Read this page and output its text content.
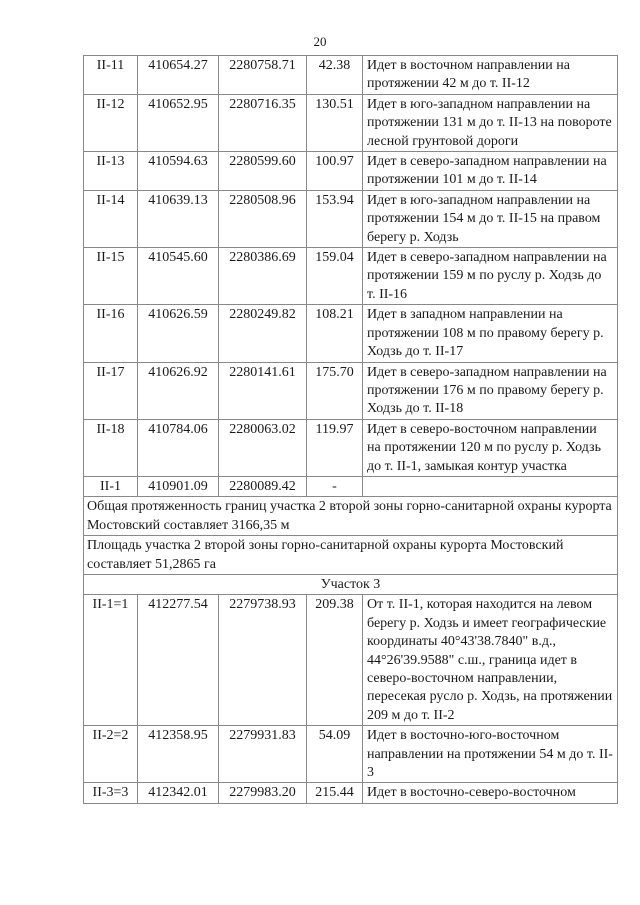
20
II-11	410654.27	2280758.71	42.38	Идет в восточном направлении на протяжении 42 м до т. II-12
II-12	410652.95	2280716.35	130.51	Идет в юго-западном направлении на протяжении 131 м до т. II-13 на повороте лесной грунтовой дороги
II-13	410594.63	2280599.60	100.97	Идет в северо-западном направлении на протяжении 101 м до т. II-14
II-14	410639.13	2280508.96	153.94	Идет в юго-западном направлении на протяжении 154 м до т. II-15 на правом берегу р. Ходзь
II-15	410545.60	2280386.69	159.04	Идет в северо-западном направлении на протяжении 159 м по руслу р. Ходзь до т. II-16
II-16	410626.59	2280249.82	108.21	Идет в западном направлении на протяжении 108 м по правому берегу р. Ходзь до т. II-17
II-17	410626.92	2280141.61	175.70	Идет в северо-западном направлении на протяжении 176 м по правому берегу р. Ходзь до т. II-18
II-18	410784.06	2280063.02	119.97	Идет в северо-восточном направлении на протяжении 120 м по руслу р. Ходзь до т. II-1, замыкая контур участка
II-1	410901.09	2280089.42	-	
Общая протяженность границ участка 2 второй зоны горно-санитарной охраны курорта Мостовский составляет 3166,35 м				
Площадь участка 2 второй зоны горно-санитарной охраны курорта Мостовский составляет 51,2865 га				
Участок 3				
II-1=1	412277.54	2279738.93	209.38	От т. II-1, которая находится на левом берегу р. Ходзь и имеет географические координаты 40°43'38.7840" в.д., 44°26'39.9588" с.ш., граница идет в северо-восточном направлении, пересекая русло р. Ходзь, на протяжении 209 м до т. II-2
II-2=2	412358.95	2279931.83	54.09	Идет в восточно-юго-восточном направлении на протяжении 54 м до т. II-3
II-3=3	412342.01	2279983.20	215.44	Идет в восточно-северо-восточном
